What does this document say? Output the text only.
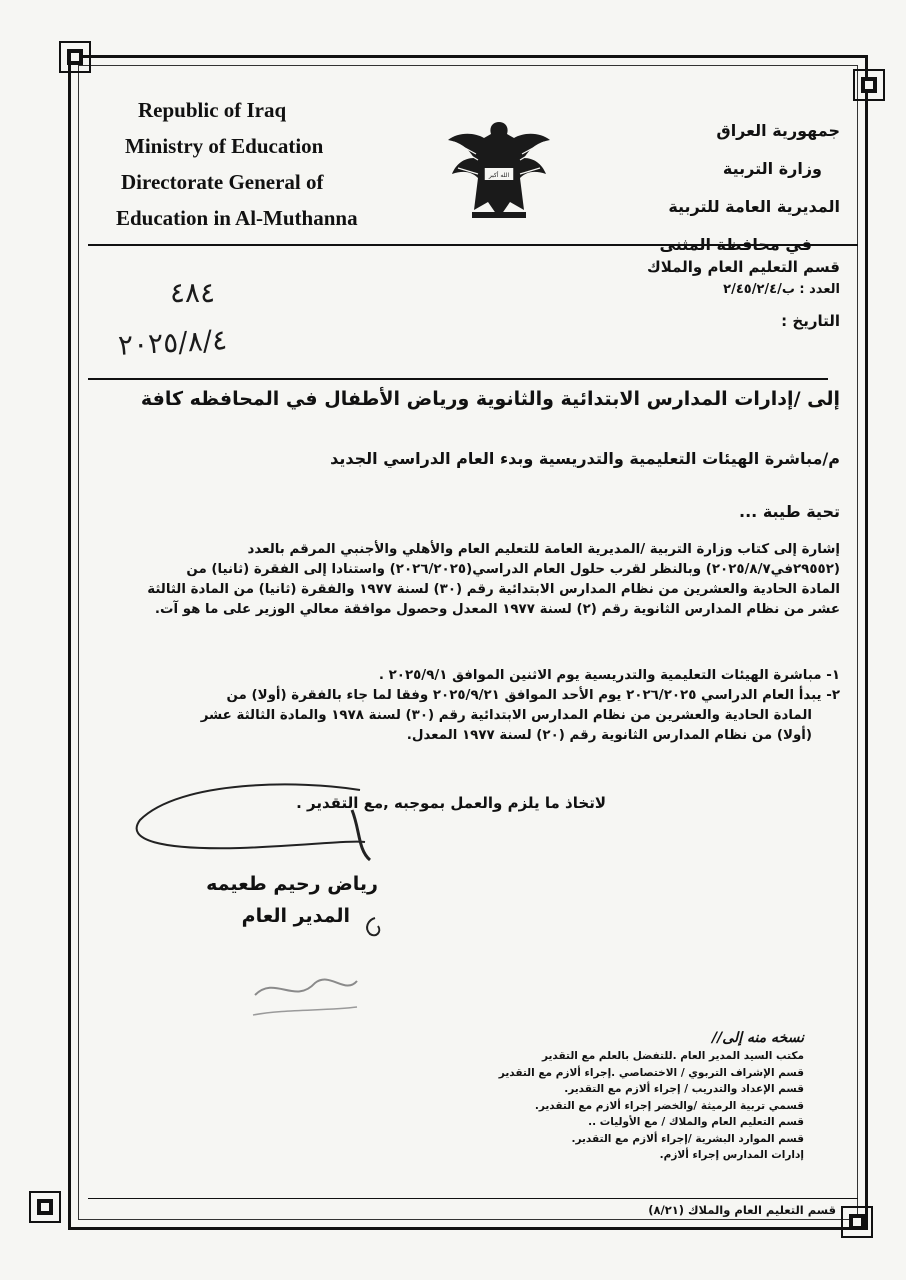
Republic of Iraq
Ministry of Education
Directorate General of
Education in Al-Muthanna
الله أكبر
جمهورية العراق
وزارة التربية
المديرية العامة للتربية
في محافظة المثنى
قسم التعليم العام والملاك
العدد : ب/٢/٤٥/٢/٤
التاريخ :
٤٨٤
٢٠٢٥/٨/٤
إلى /إدارات المدارس الابتدائية والثانوية ورياض الأطفال في المحافظه كافة
م/مباشرة الهيئات التعليمية والتدريسية وبدء العام الدراسي الجديد
تحية طيبة ...
إشارة إلى كتاب وزارة التربية /المديرية العامة للتعليم العام والأهلي والأجنبي المرقم بالعدد
(٢٩٥٥٢في٢٠٢٥/٨/٧) وبالنظر لقرب حلول العام الدراسي(٢٠٢٦/٢٠٢٥) واستنادا إلى الفقرة (ثانيا) من
المادة الحادية والعشرين من نظام المدارس الابتدائية رقم (٣٠) لسنة ١٩٧٧ والفقرة (ثانيا) من المادة الثالثة
عشر من نظام المدارس الثانوية رقم (٢) لسنة ١٩٧٧ المعدل وحصول موافقة معالي الوزير على ما هو آت.
١- مباشرة الهيئات التعليمية والتدريسية يوم الاثنين الموافق ٢٠٢٥/٩/١ .
٢- يبدأ العام الدراسي ٢٠٢٦/٢٠٢٥ يوم الأحد الموافق ٢٠٢٥/٩/٢١ وفقا لما جاء بالفقرة (أولا) من
المادة الحادية والعشرين من نظام المدارس الابتدائية رقم (٣٠) لسنة ١٩٧٨ والمادة الثالثة عشر
(أولا) من نظام المدارس الثانوية رقم (٢٠) لسنة ١٩٧٧ المعدل.
لاتخاذ ما يلزم والعمل بموجبه ,مع التقدير .
رياض رحيم طعيمه
المدير العام
نسخه منه إلى//
مكتب السيد المدير العام .للتفضل بالعلم مع التقدير
قسم الإشراف التربوي / الاختصاصي .إجراء ألازم مع التقدير
قسم الإعداد والتدريب / إجراء ألازم مع التقدير.
قسمي تربية الرميثة /والخضر إجراء ألازم مع التقدير.
قسم التعليم العام والملاك / مع الأوليات ..
قسم الموارد البشرية /إجراء ألازم مع التقدير.
إدارات المدارس إجراء ألازم.
قسم التعليم العام والملاك (٨/٢١)
